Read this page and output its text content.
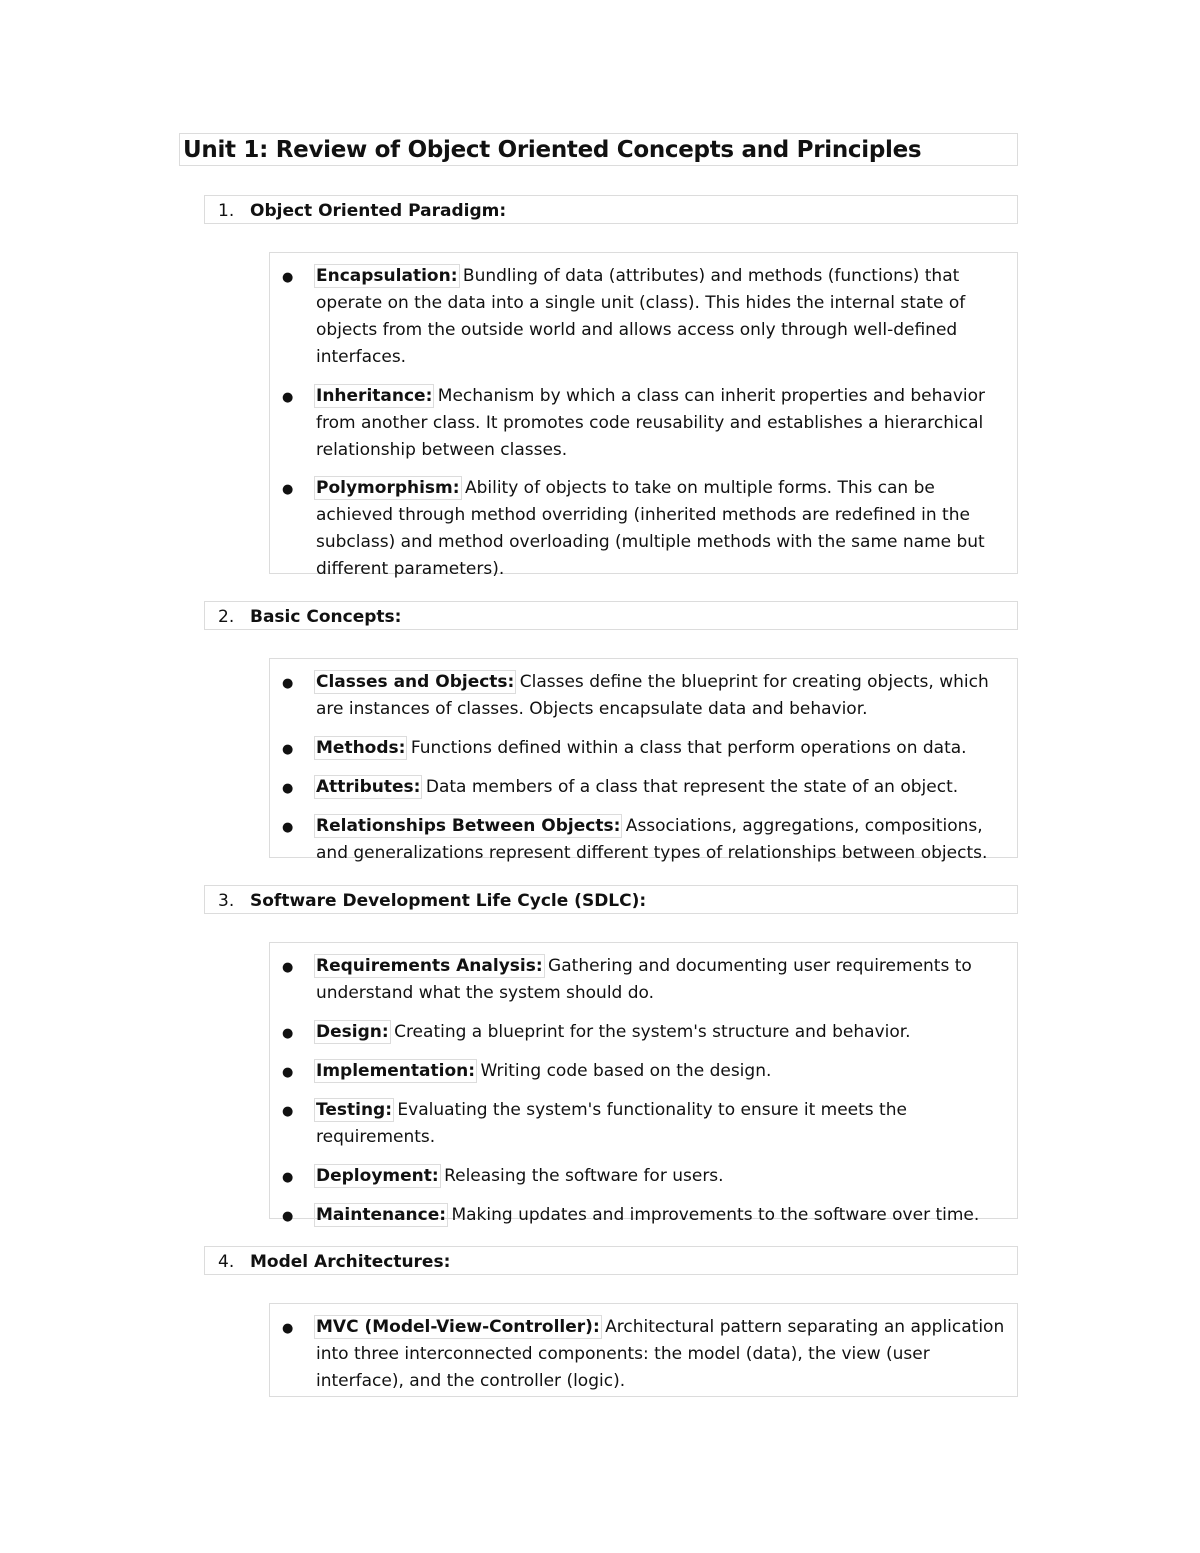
Unit 1: Review of Object Oriented Concepts and Principles
1. Object Oriented Paradigm:
● Encapsulation: Bundling of data (attributes) and methods (functions) that operate on the data into a single unit (class). This hides the internal state of objects from the outside world and allows access only through well-defined interfaces.
● Inheritance: Mechanism by which a class can inherit properties and behavior from another class. It promotes code reusability and establishes a hierarchical relationship between classes.
● Polymorphism: Ability of objects to take on multiple forms. This can be achieved through method overriding (inherited methods are redefined in the subclass) and method overloading (multiple methods with the same name but different parameters).
2. Basic Concepts:
● Classes and Objects: Classes define the blueprint for creating objects, which are instances of classes. Objects encapsulate data and behavior.
● Methods: Functions defined within a class that perform operations on data.
● Attributes: Data members of a class that represent the state of an object.
● Relationships Between Objects: Associations, aggregations, compositions, and generalizations represent different types of relationships between objects.
3. Software Development Life Cycle (SDLC):
● Requirements Analysis: Gathering and documenting user requirements to understand what the system should do.
● Design: Creating a blueprint for the system's structure and behavior.
● Implementation: Writing code based on the design.
● Testing: Evaluating the system's functionality to ensure it meets the requirements.
● Deployment: Releasing the software for users.
● Maintenance: Making updates and improvements to the software over time.
4. Model Architectures:
● MVC (Model-View-Controller): Architectural pattern separating an application into three interconnected components: the model (data), the view (user interface), and the controller (logic).
